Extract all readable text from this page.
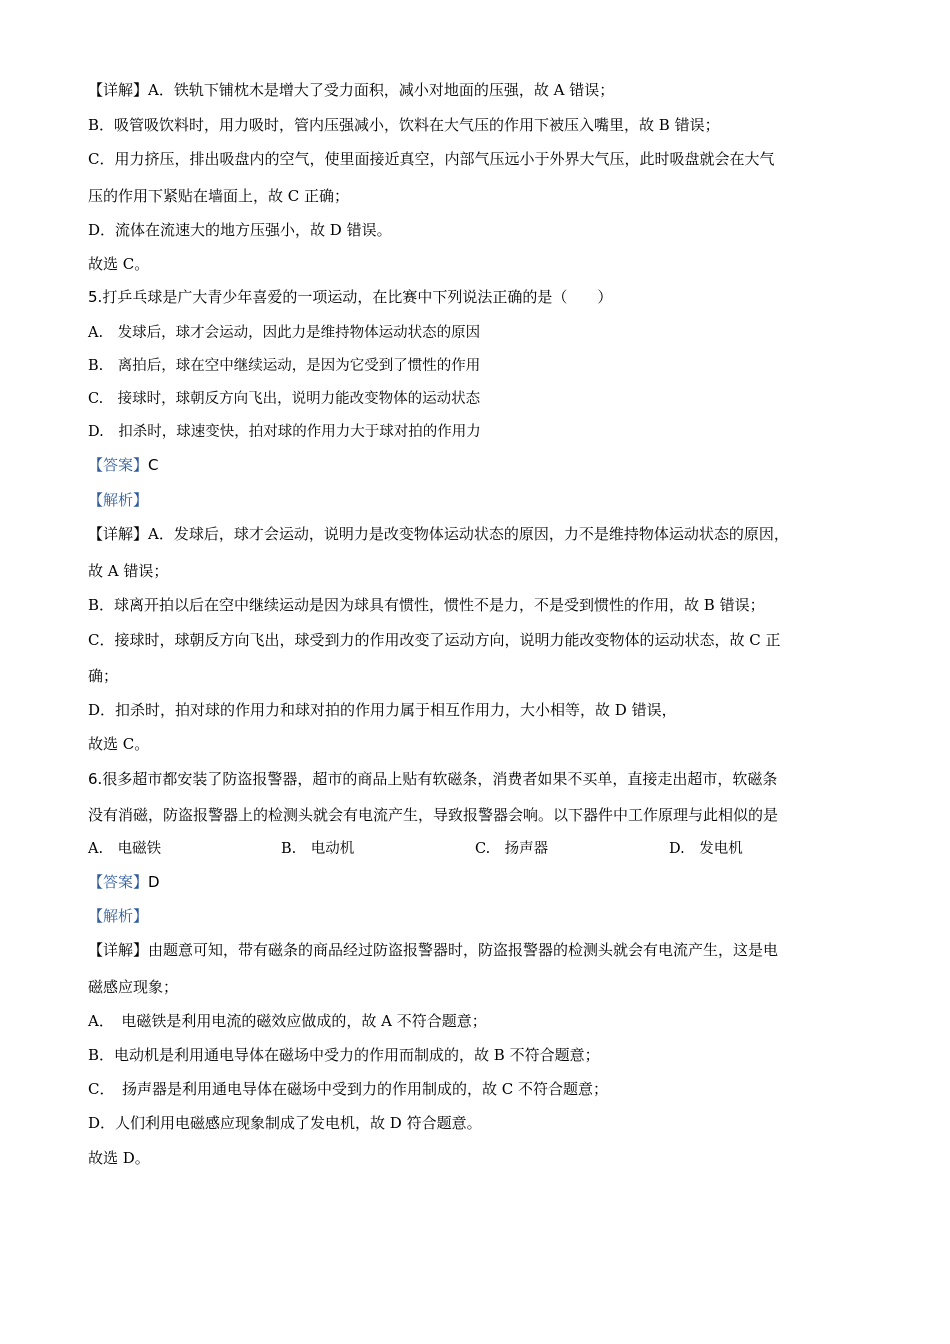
【详解】A．铁轨下铺枕木是增大了受力面积，减小对地面的压强，故 A 错误；
B．吸管吸饮料时，用力吸时，管内压强减小，饮料在大气压的作用下被压入嘴里，故 B 错误；
C．用力挤压，排出吸盘内的空气，使里面接近真空，内部气压远小于外界大气压，此时吸盘就会在大气
压的作用下紧贴在墙面上，故 C 正确；
D．流体在流速大的地方压强小，故 D 错误。
故选 C。
5.打乒乓球是广大青少年喜爱的一项运动，在比赛中下列说法正确的是（　　）
A.　发球后，球才会运动，因此力是维持物体运动状态的原因
B.　离拍后，球在空中继续运动，是因为它受到了惯性的作用
C.　接球时，球朝反方向飞出，说明力能改变物体的运动状态
D.　扣杀时，球速变快，拍对球的作用力大于球对拍的作用力
【答案】C
【解析】
【详解】A．发球后，球才会运动，说明力是改变物体运动状态的原因，力不是维持物体运动状态的原因，
故 A 错误；
B．球离开拍以后在空中继续运动是因为球具有惯性，惯性不是力，不是受到惯性的作用，故 B 错误；
C．接球时，球朝反方向飞出，球受到力的作用改变了运动方向，说明力能改变物体的运动状态，故 C 正
确；
D．扣杀时，拍对球的作用力和球对拍的作用力属于相互作用力，大小相等，故 D 错误，
故选 C。
6.很多超市都安装了防盗报警器，超市的商品上贴有软磁条，消费者如果不买单，直接走出超市，软磁条
没有消磁，防盗报警器上的检测头就会有电流产生，导致报警器会响。以下器件中工作原理与此相似的是
A.　电磁铁	B.　电动机	C.　扬声器	D.　发电机
【答案】D
【解析】
【详解】由题意可知，带有磁条的商品经过防盗报警器时，防盗报警器的检测头就会有电流产生，这是电
磁感应现象；
A．　电磁铁是利用电流的磁效应做成的，故 A 不符合题意；
B．电动机是利用通电导体在磁场中受力的作用而制成的，故 B 不符合题意；
C．　扬声器是利用通电导体在磁场中受到力的作用制成的，故 C 不符合题意；
D．人们利用电磁感应现象制成了发电机，故 D 符合题意。
故选 D。
